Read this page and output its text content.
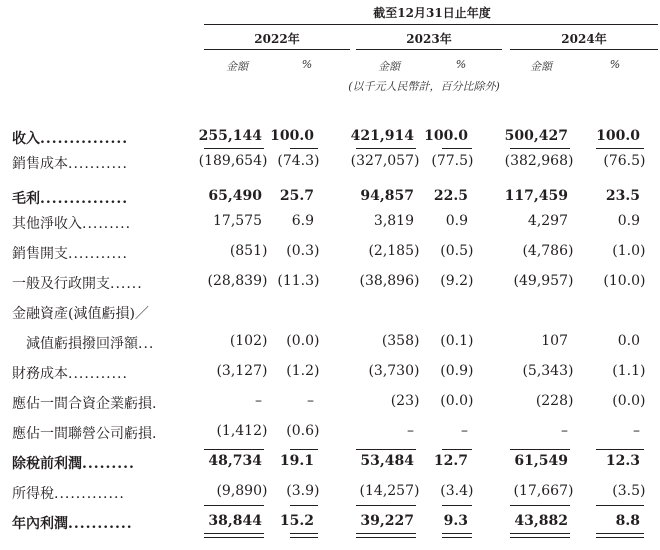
截至12月31日止年度
2022年	2023年	2024年
金額	%	金額	%	金額	%
(以千元人民幣計，百分比除外)
收入...............	255,144 100.0	421,914 100.0	500,427 100.0
銷售成本...........	(189,654 ) (74.3 ) (327,057 ) (77.5 ) (382,968 ) (76.5 )
毛利...............	65,490 25.7	94,857 22.5	117,459	23.5
其他淨收入.........	17,575 6.9	3,819 0.9	4,297	0.9
銷售開支...........	(851 ) (0.3 )	(2,185 ) (0.5 )	(4,786 )	(1.0 )
一般及行政開支......	(28,839 ) (11.3 )	(38,896 ) (9.2 )	(49,957 ) (10.0 )
金融資產(減值虧損)／
　減值虧損撥回淨額...	(102 ) (0.0 )	(358 ) (0.1 )	107	0.0
財務成本...........	(3,127 ) (1.2 )	(3,730 ) (0.9 )	(5,343 )	(1.1 )
應佔一間合資企業虧損.	–	–	(23 ) (0.0 )	(228 )	(0.0 )
應佔一間聯營公司虧損.	(1,412 ) (0.6 )	–	–	–	–
除稅前利潤.........	48,734 19.1	53,484 12.7	61,549	12.3
所得稅.............	(9,890 ) (3.9 )	(14,257 ) (3.4 )	(17,667 )	(3.5 )
年內利潤...........	38,844 15.2	39,227 9.3	43,882	8.8
